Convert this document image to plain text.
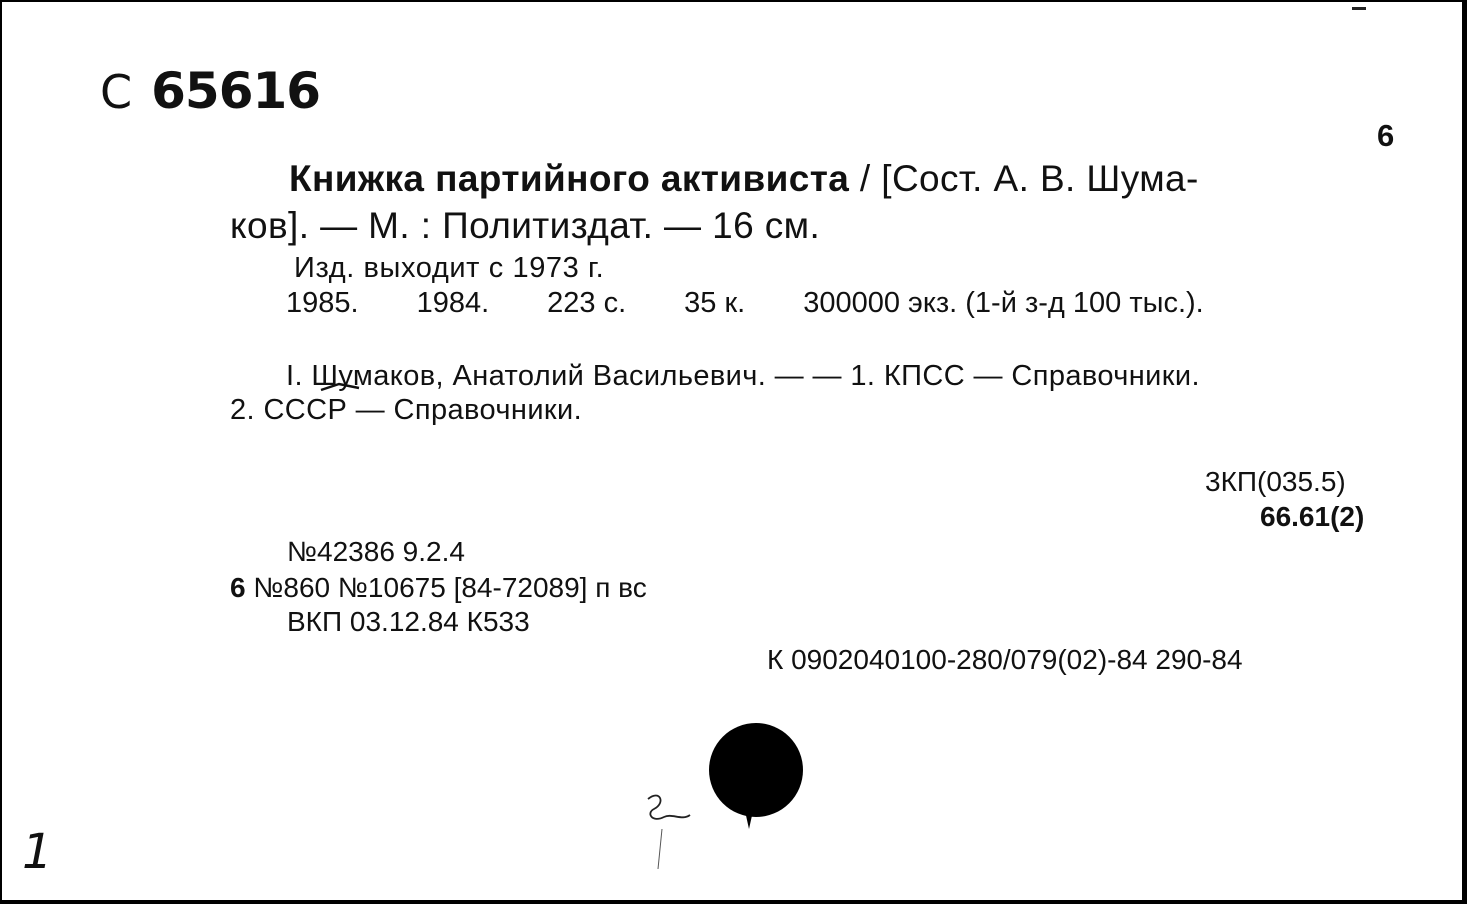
С 65616
6
Книжка партийного активиста / [Сост. А. В. Шума-
ков]. — М. : Политиздат. — 16 см.
Изд. выходит с 1973 г.
1985. 1984. 223 с. 35 к. 300000 экз. (1-й з-д 100 тыс.).
I. Шумаков, Анатолий Васильевич. — — 1. КПСС — Справочники.
2. СССР — Справочники.
3КП(035.5)
66.61(2)
№42386 9.2.4
6 №860 №10675 [84-72089] п вс
ВКП 03.12.84 К533
К 0902040100-280/079(02)-84 290-84
1
